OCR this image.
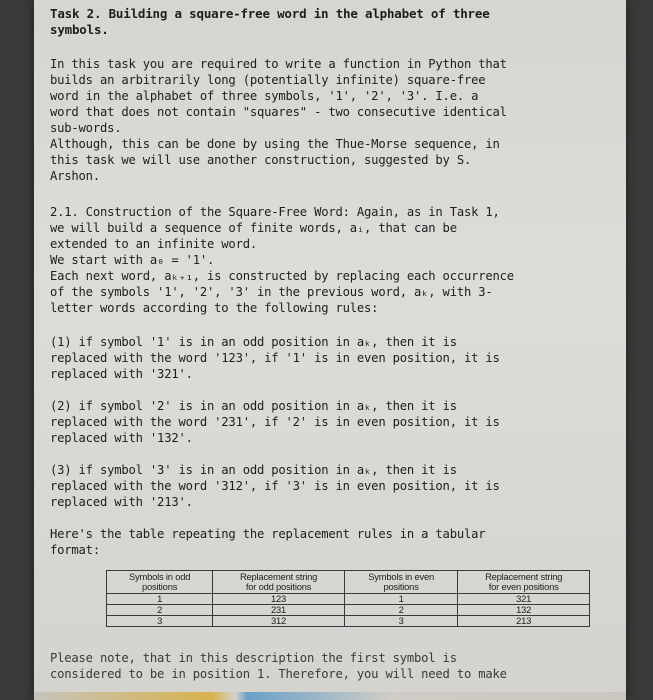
Task 2. Building a square-free word in the alphabet of three

symbols.

In this task you are required to write a function in Python that

builds an arbitrarily long (potentially infinite) square-free

word in the alphabet of three symbols, '1', '2', '3'. I.e. a

word that does not contain "squares" - two consecutive identical

sub-words.

Although, this can be done by using the Thue-Morse sequence, in

this task we will use another construction, suggested by S.

Arshon.

2.1. Construction of the Square-Free Word: Again, as in Task 1,

we will build a sequence of finite words, aᵢ, that can be

extended to an infinite word.

We start with a₀ = '1'.

Each next word, aₖ₊₁, is constructed by replacing each occurrence

of the symbols '1', '2', '3' in the previous word, aₖ, with 3-

letter words according to the following rules:

(1) if symbol '1' is in an odd position in aₖ, then it is

replaced with the word '123', if '1' is in even position, it is

replaced with '321'.

(2) if symbol '2' is in an odd position in aₖ, then it is

replaced with the word '231', if '2' is in even position, it is

replaced with '132'.

(3) if symbol '3' is in an odd position in aₖ, then it is

replaced with the word '312', if '3' is in even position, it is

replaced with '213'.

Here's the table repeating the replacement rules in a tabular

format:

Symbols in odd
positions	Replacement string
for odd positions	Symbols in even
positions	Replacement string
for even positions
1	123	1	321
2	231	2	132
3	312	3	213

Please note, that in this description the first symbol is

considered to be in position 1. Therefore, you will need to make
